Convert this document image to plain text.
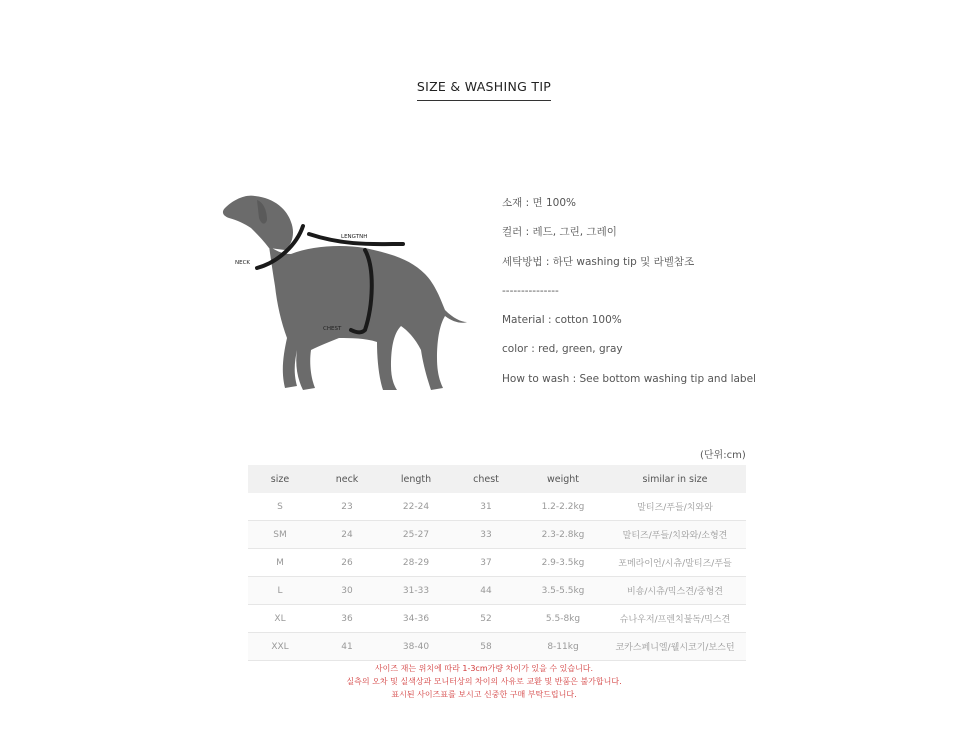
SIZE & WASHING TIP
LENGTNH
NECK
CHEST
소재 : 면 100%
컬러 : 레드, 그린, 그레이
세탁방법 : 하단 washing tip 및 라벨참조
---------------
Material : cotton 100%
color : red, green, gray
How to wash : See bottom washing tip and label
(단위:cm)
size	neck	length	chest	weight	similar in size
S	23	22-24	31	1.2-2.2kg	말티즈/푸들/치와와
SM	24	25-27	33	2.3-2.8kg	말티즈/푸들/치와와/소형견
M	26	28-29	37	2.9-3.5kg	포메라이언/시츄/말티즈/푸들
L	30	31-33	44	3.5-5.5kg	비숑/시츄/믹스견/중형견
XL	36	34-36	52	5.5-8kg	슈나우저/프렌치불독/믹스견
XXL	41	38-40	58	8-11kg	코카스페니엘/웰시코기/보스턴
사이즈 재는 위치에 따라 1-3cm가량 차이가 있을 수 있습니다.
실측의 오차 및 실색상과 모니터상의 차이의 사유로 교환 및 반품은 불가합니다.
표시된 사이즈표를 보시고 신중한 구매 부탁드립니다.
